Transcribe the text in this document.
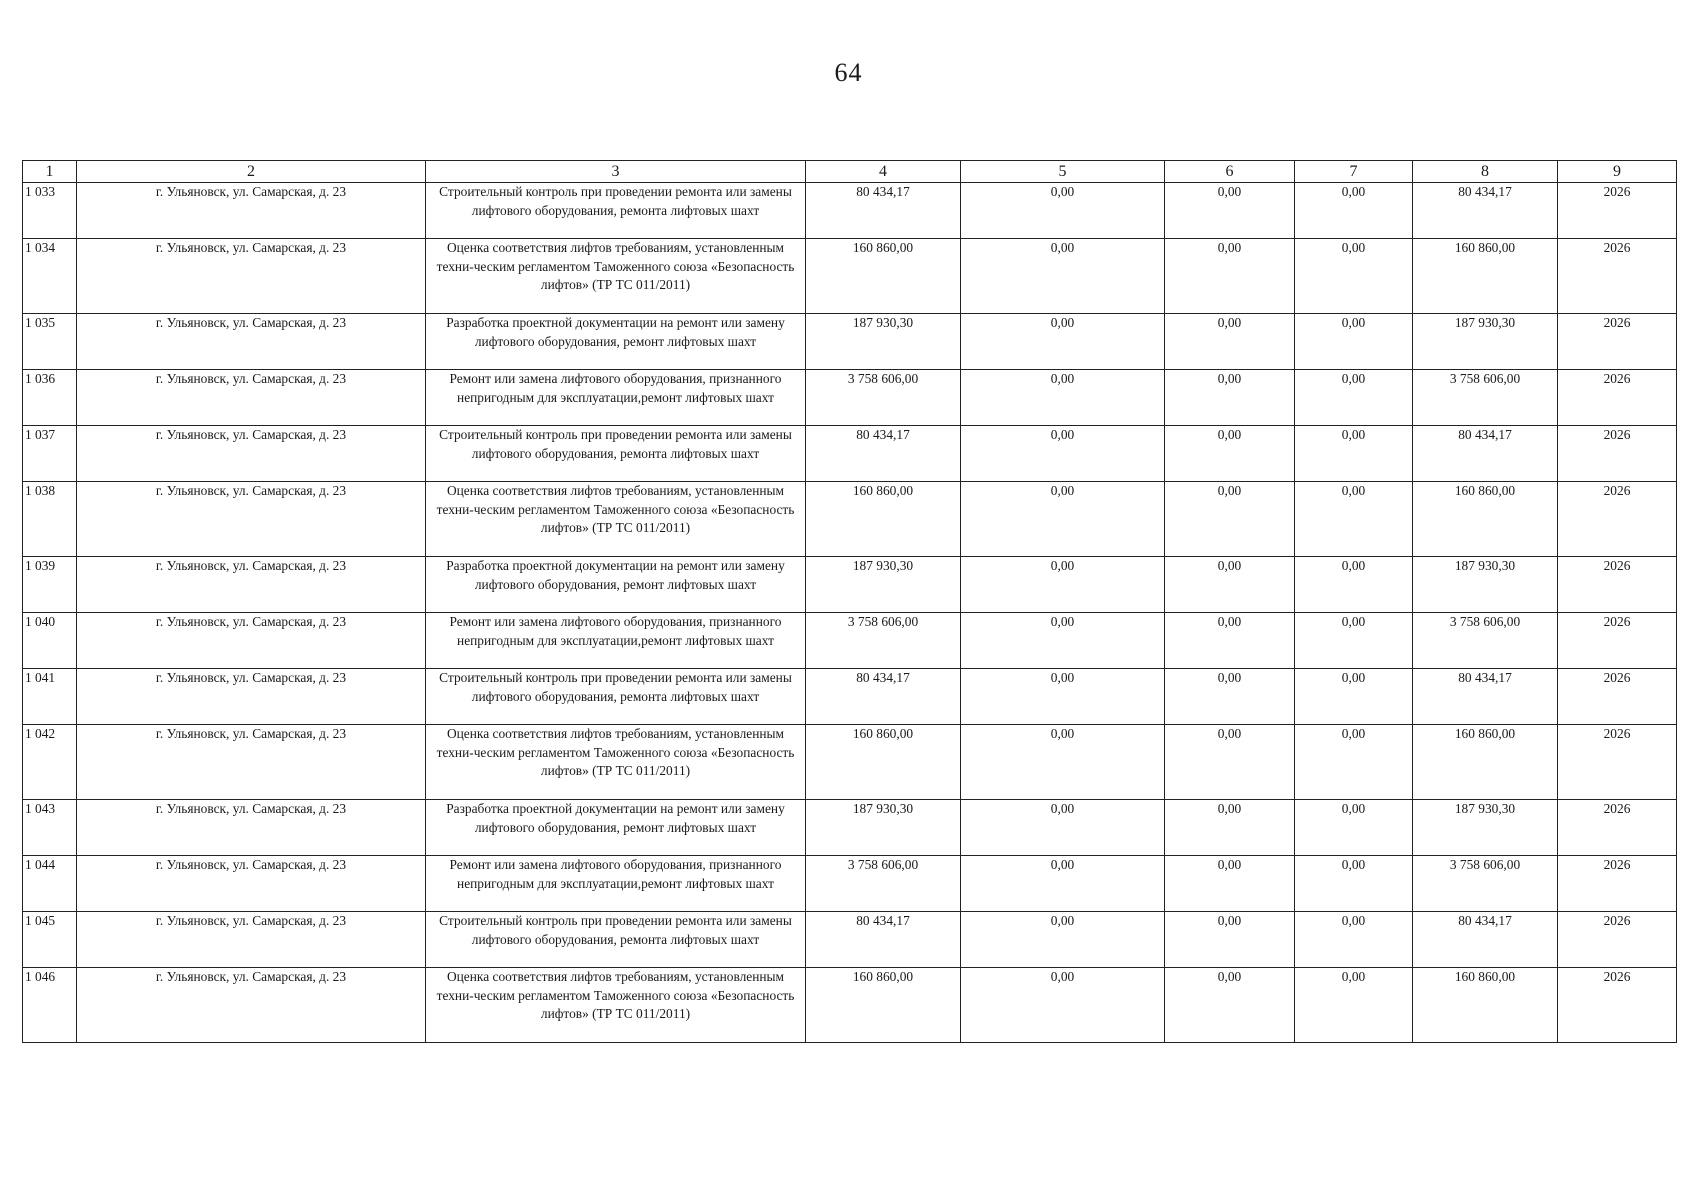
64
1	2	3	4	5	6	7	8	9
1 033	г. Ульяновск, ул. Самарская, д. 23	Строительный контроль при проведении ремонта или замены лифтового оборудования, ремонта лифтовых шахт	80 434,17	0,00	0,00	0,00	80 434,17	2026
1 034	г. Ульяновск, ул. Самарская, д. 23	Оценка соответствия лифтов требованиям, установленным техни-ческим регламентом Таможенного союза «Безопасность лифтов» (ТР ТС 011/2011)	160 860,00	0,00	0,00	0,00	160 860,00	2026
1 035	г. Ульяновск, ул. Самарская, д. 23	Разработка проектной документации на ремонт или замену лифтового оборудования, ремонт лифтовых шахт	187 930,30	0,00	0,00	0,00	187 930,30	2026
1 036	г. Ульяновск, ул. Самарская, д. 23	Ремонт или замена лифтового оборудования, признанного непригодным для эксплуатации,ремонт лифтовых шахт	3 758 606,00	0,00	0,00	0,00	3 758 606,00	2026
1 037	г. Ульяновск, ул. Самарская, д. 23	Строительный контроль при проведении ремонта или замены лифтового оборудования, ремонта лифтовых шахт	80 434,17	0,00	0,00	0,00	80 434,17	2026
1 038	г. Ульяновск, ул. Самарская, д. 23	Оценка соответствия лифтов требованиям, установленным техни-ческим регламентом Таможенного союза «Безопасность лифтов» (ТР ТС 011/2011)	160 860,00	0,00	0,00	0,00	160 860,00	2026
1 039	г. Ульяновск, ул. Самарская, д. 23	Разработка проектной документации на ремонт или замену лифтового оборудования, ремонт лифтовых шахт	187 930,30	0,00	0,00	0,00	187 930,30	2026
1 040	г. Ульяновск, ул. Самарская, д. 23	Ремонт или замена лифтового оборудования, признанного непригодным для эксплуатации,ремонт лифтовых шахт	3 758 606,00	0,00	0,00	0,00	3 758 606,00	2026
1 041	г. Ульяновск, ул. Самарская, д. 23	Строительный контроль при проведении ремонта или замены лифтового оборудования, ремонта лифтовых шахт	80 434,17	0,00	0,00	0,00	80 434,17	2026
1 042	г. Ульяновск, ул. Самарская, д. 23	Оценка соответствия лифтов требованиям, установленным техни-ческим регламентом Таможенного союза «Безопасность лифтов» (ТР ТС 011/2011)	160 860,00	0,00	0,00	0,00	160 860,00	2026
1 043	г. Ульяновск, ул. Самарская, д. 23	Разработка проектной документации на ремонт или замену лифтового оборудования, ремонт лифтовых шахт	187 930,30	0,00	0,00	0,00	187 930,30	2026
1 044	г. Ульяновск, ул. Самарская, д. 23	Ремонт или замена лифтового оборудования, признанного непригодным для эксплуатации,ремонт лифтовых шахт	3 758 606,00	0,00	0,00	0,00	3 758 606,00	2026
1 045	г. Ульяновск, ул. Самарская, д. 23	Строительный контроль при проведении ремонта или замены лифтового оборудования, ремонта лифтовых шахт	80 434,17	0,00	0,00	0,00	80 434,17	2026
1 046	г. Ульяновск, ул. Самарская, д. 23	Оценка соответствия лифтов требованиям, установленным техни-ческим регламентом Таможенного союза «Безопасность лифтов» (ТР ТС 011/2011)	160 860,00	0,00	0,00	0,00	160 860,00	2026
